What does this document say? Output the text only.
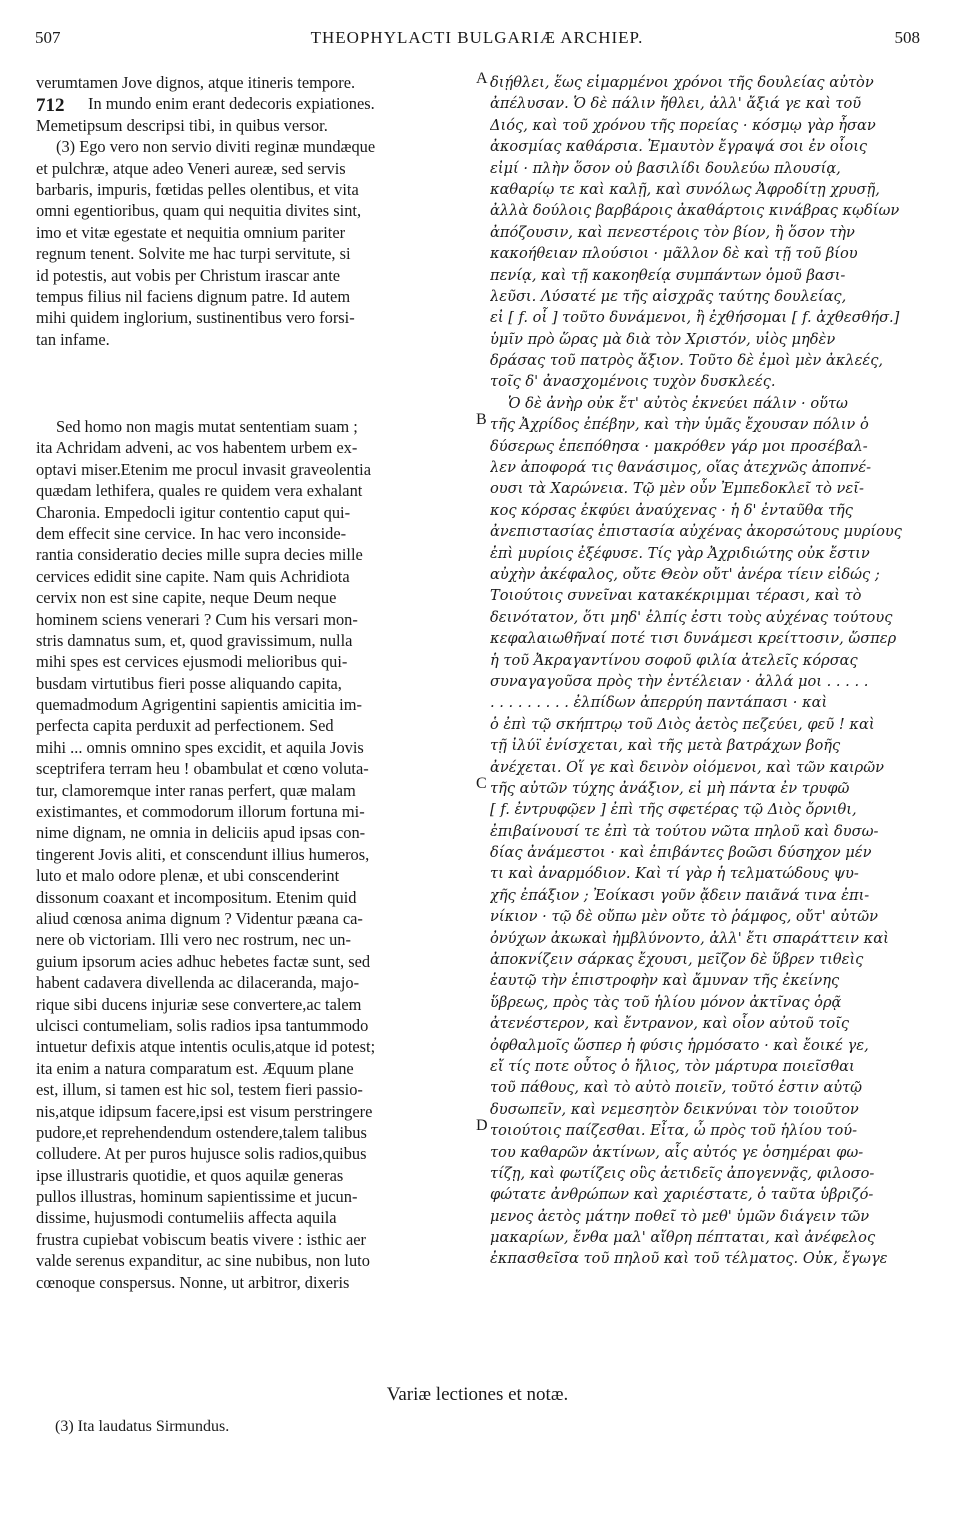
507	THEOPHYLACTI BULGARIÆ ARCHIEP.	508
712
A
B
C
D
verumtamen Jove dignos, atque itineris tempore.
In mundo enim erant dedecoris expiationes.
Memetipsum descripsi tibi, in quibus versor.
(3) Ego vero non servio diviti reginæ mundæque
et pulchræ, atque adeo Veneri aureæ, sed servis
barbaris, impuris, fœtidas pelles olentibus, et vita
omni egentioribus, quam qui nequitia divites sint,
imo et vitæ egestate et nequitia omnium pariter
regnum tenent. Solvite me hac turpi servitute, si
id potestis, aut vobis per Christum irascar ante
tempus filius nil faciens dignum patre. Id autem
mihi quidem inglorium, sustinentibus vero forsi-
tan infame.
Sed homo non magis mutat sententiam suam ;
ita Achridam adveni, ac vos habentem urbem ex-
optavi miser.Etenim me procul invasit graveolentia
quædam lethifera, quales re quidem vera exhalant
Charonia. Empedocli igitur contentio caput qui-
dem effecit sine cervice. In hac vero inconside-
rantia consideratio decies mille supra decies mille
cervices edidit sine capite. Nam quis Achridiota
cervix non est sine capite, neque Deum neque
hominem sciens venerari ? Cum his versari mon-
stris damnatus sum, et, quod gravissimum, nulla
mihi spes est cervices ejusmodi melioribus qui-
busdam virtutibus fieri posse aliquando capita,
quemadmodum Agrigentini sapientis amicitia im-
perfecta capita perduxit ad perfectionem. Sed
mihi ... omnis omnino spes excidit, et aquila Jovis
sceptrifera terram heu ! obambulat et cœno voluta-
tur, clamoremque inter ranas perfert, quæ malam
existimantes, et commodorum illorum fortuna mi-
nime dignam, ne omnia in deliciis apud ipsas con-
tingerent Jovis aliti, et conscendunt illius humeros,
luto et malo odore plenæ, et ubi conscenderint
dissonum coaxant et incompositum. Etenim quid
aliud cœnosa anima dignum ? Videntur pæana ca-
nere ob victoriam. Illi vero nec rostrum, nec un-
guium ipsorum acies adhuc hebetes factæ sunt, sed
habent cadavera divellenda ac dilaceranda, majo-
rique sibi ducens injuriæ sese convertere,ac talem
ulcisci contumeliam, solis radios ipsa tantummodo
intuetur defixis atque intentis oculis,atque id potest;
ita enim a natura comparatum est. Æquum plane
est, illum, si tamen est hic sol, testem fieri passio-
nis,atque idipsum facere,ipsi est visum perstringere
pudore,et reprehendendum ostendere,talem talibus
colludere. At per puros hujusce solis radios,quibus
ipse illustraris quotidie, et quos aquilæ generas
pullos illustras, hominum sapientissime et jucun-
dissime, hujusmodi contumeliis affecta aquila
frustra cupiebat vobiscum beatis vivere : isthic aer
valde serenus expanditur, ac sine nubibus, non luto
cœnoque conspersus. Nonne, ut arbitror, dixeris
διῄθλει, ἕως εἱμαρμένοι χρόνοι τῆς δουλείας αὐτὸν
ἀπέλυσαν. Ὁ δὲ πάλιν ἤθλει, ἀλλ' ἄξιά γε καὶ τοῦ
Διός, καὶ τοῦ χρόνου τῆς πορείας · κόσμῳ γὰρ ἦσαν
ἀκοσμίας καθάρσια. Ἐμαυτὸν ἔγραψά σοι ἐν οἷοις
εἰμί · πλὴν ὅσον οὐ βασιλίδι δουλεύω πλουσίᾳ,
καθαρίῳ τε καὶ καλῇ, καὶ συνόλως Ἀφροδίτῃ χρυσῇ,
ἀλλὰ δούλοις βαρβάροις ἀκαθάρτοις κινάβρας κῳδίων
ἀπόζουσιν, καὶ πενεστέροις τὸν βίον, ἢ ὅσον τὴν
κακοήθειαν πλούσιοι · μᾶλλον δὲ καὶ τῇ τοῦ βίου
πενίᾳ, καὶ τῇ κακοηθείᾳ συμπάντων ὁμοῦ βασι-
λεῦσι. Λύσατέ με τῆς αἰσχρᾶς ταύτης δουλείας,
εἰ [ f. οἷ ] τοῦτο δυνάμενοι, ἢ ἐχθήσομαι [ f. ἀχθεσθήσ.]
ὑμῖν πρὸ ὥρας μὰ διὰ τὸν Χριστόν, υἱὸς μηδὲν
δράσας τοῦ πατρὸς ἄξιον. Τοῦτο δὲ ἐμοὶ μὲν ἀκλεές,
τοῖς δ' ἀνασχομένοις τυχὸν δυσκλεές.
Ὁ δὲ ἀνὴρ οὐκ ἔτ' αὐτὸς ἐκνεύει πάλιν · οὕτω
τῆς Ἀχρίδος ἐπέβην, καὶ τὴν ὑμᾶς ἔχουσαν πόλιν ὁ
δύσερως ἐπεπόθησα · μακρόθεν γάρ μοι προσέβαλ-
λεν ἀποφορά τις θανάσιμος, οἵας ἀτεχνῶς ἀποπνέ-
ουσι τὰ Χαρώνεια. Τῷ μὲν οὖν Ἐμπεδοκλεῖ τὸ νεῖ-
κος κόρσας ἐκφύει ἀναύχενας · ἡ δ' ἐνταῦθα τῆς
ἀνεπιστασίας ἐπιστασία αὐχένας ἀκορσώτους μυρίους
ἐπὶ μυρίοις ἐξέφυσε. Τίς γὰρ Ἀχριδιώτης οὐκ ἔστιν
αὐχὴν ἀκέφαλος, οὔτε Θεὸν οὔτ' ἀνέρα τίειν εἰδώς ;
Τοιούτοις συνεῖναι κατακέκριμμαι τέρασι, καὶ τὸ
δεινότατον, ὅτι μηδ' ἐλπίς ἐστι τοὺς αὐχένας τούτους
κεφαλαιωθῆναί ποτέ τισι δυνάμεσι κρείττοσιν, ὥσπερ
ἡ τοῦ Ἀκραγαντίνου σοφοῦ φιλία ἀτελεῖς κόρσας
συναγαγοῦσα πρὸς τὴν ἐντέλειαν · ἀλλά μοι . . . . .
. . . . . . . . . ἐλπίδων ἀπερρύη παντάπασι · καὶ
ὁ ἐπὶ τῷ σκήπτρῳ τοῦ Διὸς ἀετὸς πεζεύει, φεῦ ! καὶ
τῇ ἰλύϊ ἐνίσχεται, καὶ τῆς μετὰ βατράχων βοῆς
ἀνέχεται. Οἵ γε καὶ δεινὸν οἰόμενοι, καὶ τῶν καιρῶν
τῆς αὐτῶν τύχης ἀνάξιον, εἰ μὴ πάντα ἐν τρυφῶ
[ f. ἐντρυφῷεν ] ἐπὶ τῆς σφετέρας τῷ Διὸς ὄρνιθι,
ἐπιβαίνουσί τε ἐπὶ τὰ τούτου νῶτα πηλοῦ καὶ δυσω-
δίας ἀνάμεστοι · καὶ ἐπιβάντες βοῶσι δύσηχον μέν
τι καὶ ἀναρμόδιον. Καὶ τί γὰρ ἡ τελματώδους ψυ-
χῆς ἐπάξιον ; Ἐοίκασι γοῦν ᾄδειν παιᾶνά τινα ἐπι-
νίκιον · τῷ δὲ οὔπω μὲν οὔτε τὸ ῥάμφος, οὔτ' αὐτῶν
ὀνύχων ἀκωκαὶ ἠμβλύνοντο, ἀλλ' ἔτι σπαράττειν καὶ
ἀποκνίζειν σάρκας ἔχουσι, μεῖζον δὲ ὕβρεν τιθεὶς
ἑαυτῷ τὴν ἐπιστροφὴν καὶ ἄμυναν τῆς ἐκείνης
ὕβρεως, πρὸς τὰς τοῦ ἡλίου μόνον ἀκτῖνας ὁρᾷ
ἀτενέστερον, καὶ ἔντρανον, καὶ οἷον αὐτοῦ τοῖς
ὀφθαλμοῖς ὥσπερ ἡ φύσις ἡρμόσατο · καὶ ἔοικέ γε,
εἴ τίς ποτε οὗτος ὁ ἥλιος, τὸν μάρτυρα ποιεῖσθαι
τοῦ πάθους, καὶ τὸ αὐτὸ ποιεῖν, τοῦτό ἐστιν αὐτῷ
δυσωπεῖν, καὶ νεμεσητὸν δεικνύναι τὸν τοιοῦτον
τοιούτοις παίζεσθαι. Εἶτα, ὦ πρὸς τοῦ ἡλίου τού-
του καθαρῶν ἀκτίνων, αἷς αὐτός γε ὁσημέραι φω-
τίζῃ, καὶ φωτίζεις οὓς ἀετιδεῖς ἀπογεννᾷς, φιλοσο-
φώτατε ἀνθρώπων καὶ χαριέστατε, ὁ ταῦτα ὑβριζό-
μενος ἀετὸς μάτην ποθεῖ τὸ μεθ' ὑμῶν διάγειν τῶν
μακαρίων, ἔνθα μαλ' αἴθρη πέπταται, καὶ ἀνέφελος
ἐκπασθεῖσα τοῦ πηλοῦ καὶ τοῦ τέλματος. Οὐκ, ἔγωγε
Variæ lectiones et notæ.
(3) Ita laudatus Sirmundus.
